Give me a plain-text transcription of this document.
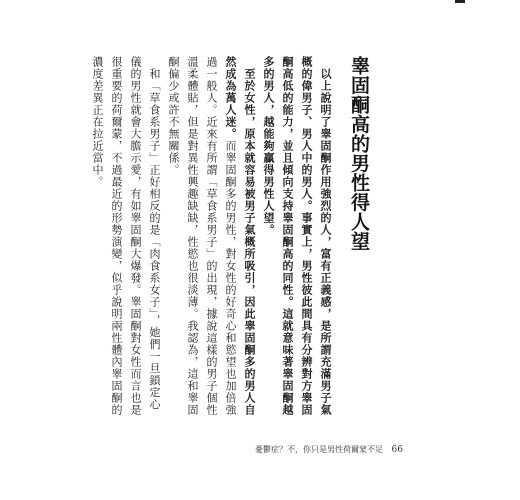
睾固酮高的男性得人望

　以上說明了睾固酮作用強烈的人，富有正義感，是所謂充滿男子氣概的偉男子、男人中的男人。事實上，男性彼此間具有分辨對方睾固酮高低的能力，並且傾向支持睾固酮高的同性。這就意味著睾固酮越多的男人，越能夠贏得男性人望。

　至於女性，原本就容易被男子氣概所吸引，因此睾固酮多的男人自然成為萬人迷。而睾固酮多的男性，對女性的好奇心和慾望也加倍強過一般人。近來有所謂「草食系男子」的出現，據說這樣的男子個性溫柔體貼，但是對異性興趣缺缺，性慾也很淡薄。我認為，這和睾固酮偏少或許不無關係。

　和「草食系男子」正好相反的是「肉食系女子」，她們一旦鎖定心儀的男性就會大膽示愛，有如睾固酮大爆發。睾固酮對女性而言也是很重要的荷爾蒙，不過最近的形勢演變，似乎說明兩性體內睾固酮的濃度差異正在拉近當中。

憂鬱症？不，你只是男性荷爾蒙不足 66
